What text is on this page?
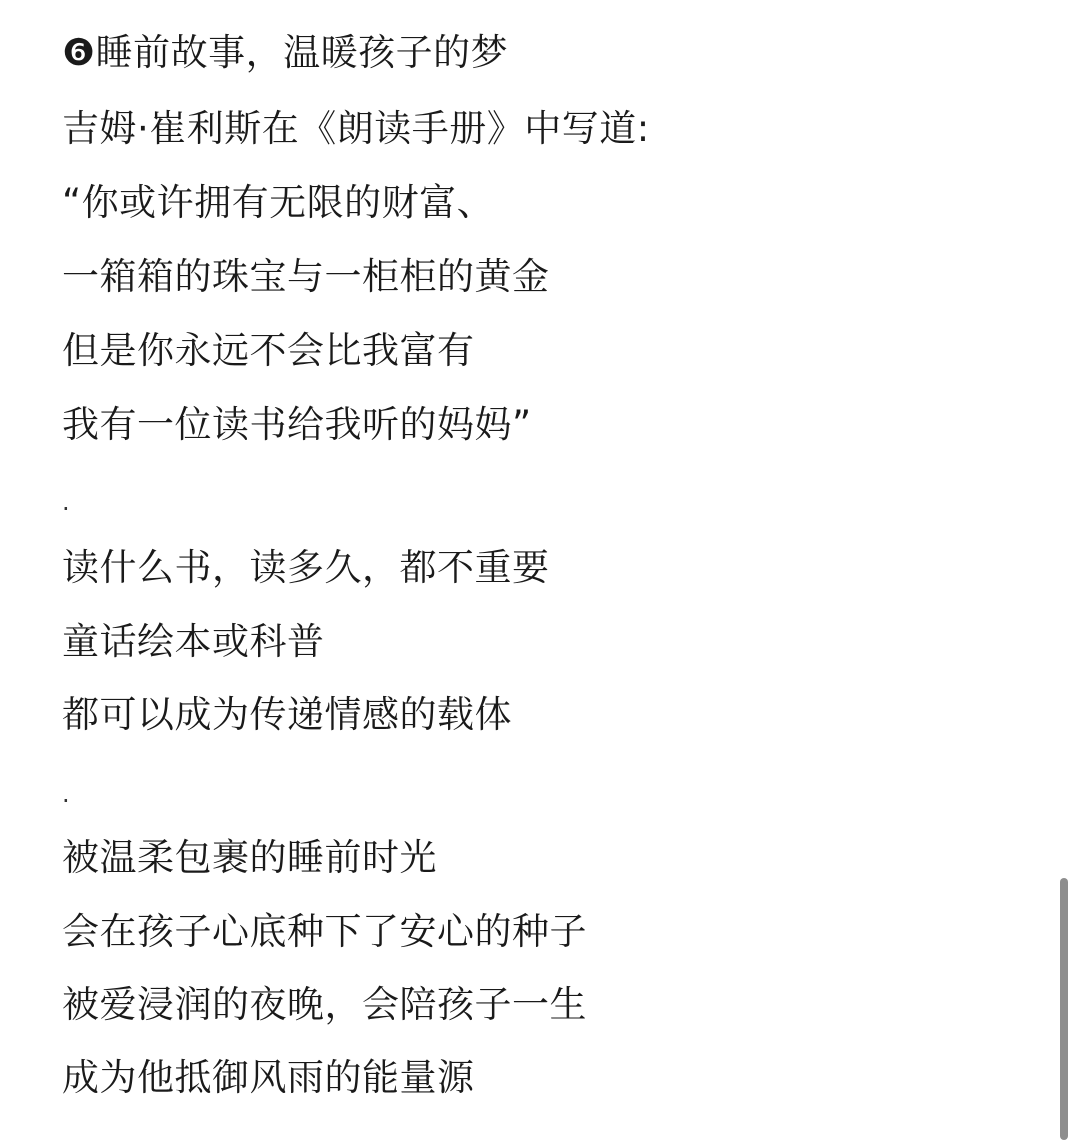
❻睡前故事，温暖孩子的梦
吉姆·崔利斯在《朗读手册》中写道:
“你或许拥有无限的财富、
一箱箱的珠宝与一柜柜的黄金
但是你永远不会比我富有
我有一位读书给我听的妈妈”
.
读什么书，读多久，都不重要
童话绘本或科普
都可以成为传递情感的载体
.
被温柔包裹的睡前时光
会在孩子心底种下了安心的种子
被爱浸润的夜晚，会陪孩子一生
成为他抵御风雨的能量源
